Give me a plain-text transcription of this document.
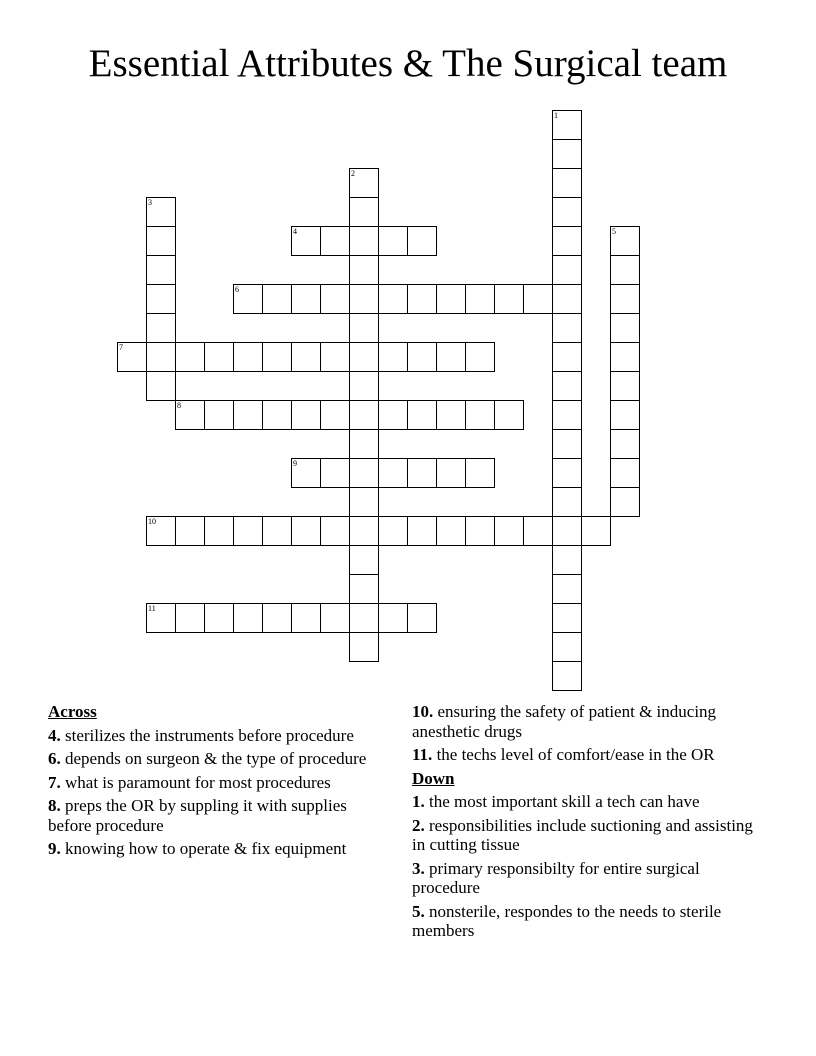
Essential Attributes & The Surgical team
1
2
3
4	5
6
7
8
9
10
11
Across
4. sterilizes the instruments before procedure
6. depends on surgeon & the type of procedure
7. what is paramount for most procedures
8. preps the OR by suppling it with supplies before procedure
9. knowing how to operate & fix equipment
10. ensuring the safety of patient & inducing anesthetic drugs
11. the techs level of comfort/ease in the OR
Down
1. the most important skill a tech can have
2. responsibilities include suctioning and assisting in cutting tissue
3. primary responsibilty for entire surgical procedure
5. nonsterile, respondes to the needs to sterile members
